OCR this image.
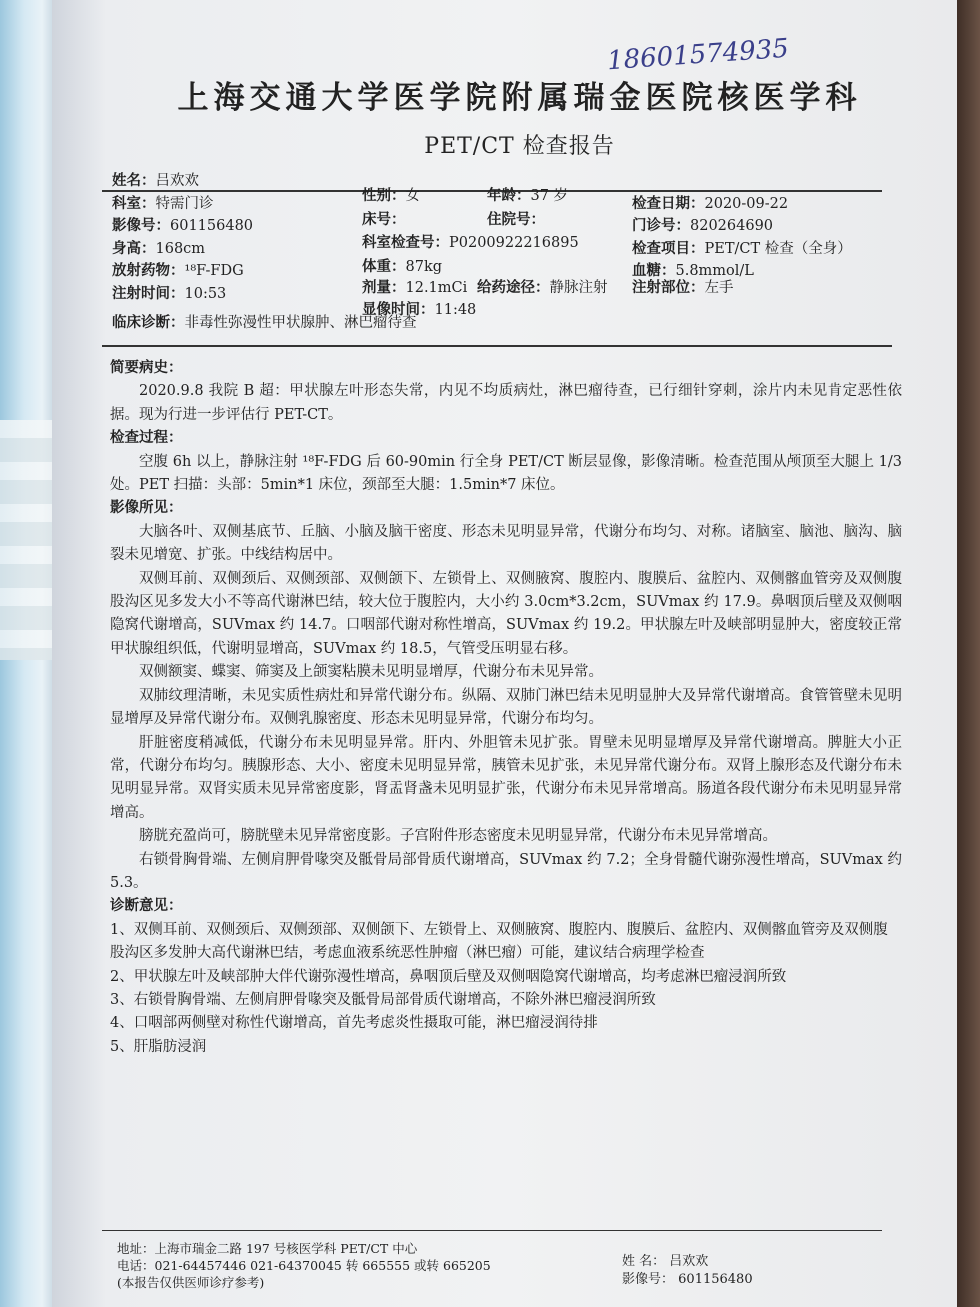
18601574935
上海交通大学医学院附属瑞金医院核医学科
PET/CT 检查报告
姓名：吕欢欢
科室：特需门诊	性别：女	年龄：37 岁	检查日期：2020-09-22
影像号：601156480	床号：	住院号：	门诊号：820264690
身高：168cm	科室检查号：P0200922216895	检查项目：PET/CT 检查（全身）
放射药物：¹⁸F-FDG	体重：87kg	血糖：5.8mmol/L
注射时间：10:53	剂量：12.1mCi 给药途径：静脉注射 注射部位：左手
显像时间：11:48
临床诊断：非毒性弥漫性甲状腺肿、淋巴瘤待查
简要病史：
2020.9.8 我院 B 超：甲状腺左叶形态失常，内见不均质病灶，淋巴瘤待查，已行细针穿刺，涂片内未见肯定恶性依据。现为行进一步评估行 PET-CT。
检查过程：
空腹 6h 以上，静脉注射 ¹⁸F-FDG 后 60-90min 行全身 PET/CT 断层显像，影像清晰。检查范围从颅顶至大腿上 1/3 处。PET 扫描：头部：5min*1 床位，颈部至大腿：1.5min*7 床位。
影像所见：
大脑各叶、双侧基底节、丘脑、小脑及脑干密度、形态未见明显异常，代谢分布均匀、对称。诸脑室、脑池、脑沟、脑裂未见增宽、扩张。中线结构居中。
双侧耳前、双侧颈后、双侧颈部、双侧颌下、左锁骨上、双侧腋窝、腹腔内、腹膜后、盆腔内、双侧髂血管旁及双侧腹股沟区见多发大小不等高代谢淋巴结，较大位于腹腔内，大小约 3.0cm*3.2cm，SUVmax 约 17.9。鼻咽顶后壁及双侧咽隐窝代谢增高，SUVmax 约 14.7。口咽部代谢对称性增高，SUVmax 约 19.2。甲状腺左叶及峡部明显肿大，密度较正常甲状腺组织低，代谢明显增高，SUVmax 约 18.5，气管受压明显右移。
双侧额窦、蝶窦、筛窦及上颌窦粘膜未见明显增厚，代谢分布未见异常。
双肺纹理清晰，未见实质性病灶和异常代谢分布。纵隔、双肺门淋巴结未见明显肿大及异常代谢增高。食管管壁未见明显增厚及异常代谢分布。双侧乳腺密度、形态未见明显异常，代谢分布均匀。
肝脏密度稍减低，代谢分布未见明显异常。肝内、外胆管未见扩张。胃壁未见明显增厚及异常代谢增高。脾脏大小正常，代谢分布均匀。胰腺形态、大小、密度未见明显异常，胰管未见扩张，未见异常代谢分布。双肾上腺形态及代谢分布未见明显异常。双肾实质未见异常密度影，肾盂肾盏未见明显扩张，代谢分布未见异常增高。肠道各段代谢分布未见明显异常增高。
膀胱充盈尚可，膀胱壁未见异常密度影。子宫附件形态密度未见明显异常，代谢分布未见异常增高。
右锁骨胸骨端、左侧肩胛骨喙突及骶骨局部骨质代谢增高，SUVmax 约 7.2；全身骨髓代谢弥漫性增高，SUVmax 约 5.3。
诊断意见：
1、双侧耳前、双侧颈后、双侧颈部、双侧颌下、左锁骨上、双侧腋窝、腹腔内、腹膜后、盆腔内、双侧髂血管旁及双侧腹股沟区多发肿大高代谢淋巴结，考虑血液系统恶性肿瘤（淋巴瘤）可能，建议结合病理学检查
2、甲状腺左叶及峡部肿大伴代谢弥漫性增高，鼻咽顶后壁及双侧咽隐窝代谢增高，均考虑淋巴瘤浸润所致
3、右锁骨胸骨端、左侧肩胛骨喙突及骶骨局部骨质代谢增高，不除外淋巴瘤浸润所致
4、口咽部两侧壁对称性代谢增高，首先考虑炎性摄取可能，淋巴瘤浸润待排
5、肝脂肪浸润
地址：上海市瑞金二路 197 号核医学科 PET/CT 中心
电话：021-64457446 021-64370045 转 665555 或转 665205
(本报告仅供医师诊疗参考)
姓 名： 吕欢欢
影像号： 601156480
